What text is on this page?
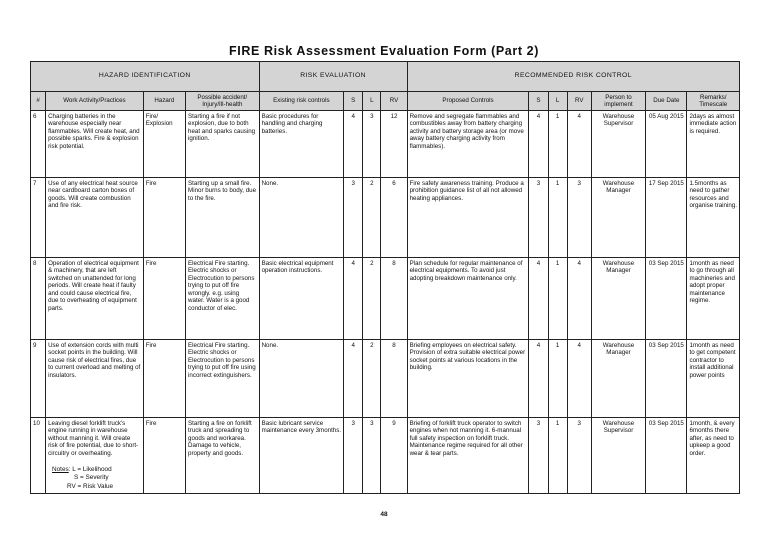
FIRE Risk Assessment Evaluation Form (Part 2)
HAZARD IDENTIFICATION				RISK EVALUATION				RECOMMENDED RISK CONTROL						
#	Work Activity/Practices	Hazard	Possible accident/ Injury/Ill-health	Existing risk controls	S	L	RV	Proposed Controls	S	L	RV	Person to implement	Due Date	Remarks/ Timescale
6	Charging batteries in the warehouse especially near flammables. Will create heat, and possible sparks. Fire & explosion risk potential.	Fire/ Explosion	Starting a fire if not explosion, due to both heat and sparks causing ignition.	Basic procedures for handling and charging batteries.	4	3	12	Remove and segregate flammables and combustibles away from battery charging activity and battery storage area (or move away battery charging activity from flammables).	4	1	4	Warehouse Supervisor	05 Aug 2015	2days as almost immediate action is required.
7	Use of any electrical heat source near cardboard carton boxes of goods. Will create combustion and fire risk.	Fire	Starting up a small fire. Minor burns to body, due to the fire.	None.	3	2	6	Fire safety awareness training. Produce a prohibition guidance list of all not allowed heating appliances.	3	1	3	Warehouse Manager	17 Sep 2015	1.5months as need to gather resources and organise training.
8	Operation of electrical equipment & machinery, that are left switched on unattended for long periods. Will create heat if faulty and could cause electrical fire, due to overheating of equipment parts.	Fire	Electrical Fire starting. Electric shocks or Electrocution to persons trying to put off fire wrongly. e.g. using water. Water is a good conductor of elec.	Basic electrical equipment operation instructions.	4	2	8	Plan schedule for regular maintenance of electrical equipments. To avoid just adopting breakdown maintenance only.	4	1	4	Warehouse Manager	03 Sep 2015	1month as need to go through all machineries and adopt proper maintenance regime.
9	Use of extension cords with multi socket points in the building. Will cause risk of electrical fires, due to current overload and melting of insulators.	Fire	Electrical Fire starting. Electric shocks or Electrocution to persons trying to put off fire using incorrect extinguishers.	None.	4	2	8	Briefing employees on electrical safety. Provision of extra suitable electrical power socket points at various locations in the building.	4	1	4	Warehouse Manager	03 Sep 2015	1month as need to get competent contractor to install additional power points
10	Leaving diesel forklift truck's engine running in warehouse without manning it. Will create risk of fire potential, due to short-circuitry or overheating.	Fire	Starting a fire on forklift truck and spreading to goods and workarea. Damage to vehicle, property and goods.	Basic lubricant service maintenance every 3months.	3	3	9	Briefing of forklift truck operator to switch engines when not manning it. 6-mannual full safety inspection on forklift truck. Maintenance regime required for all other wear & tear parts.	3	1	3	Warehouse Supervisor	03 Sep 2015	1month, & every 6months there after, as need to upkeep a good order.
Notes: L = Likelihood
S = Severity
RV = Risk Value
48
